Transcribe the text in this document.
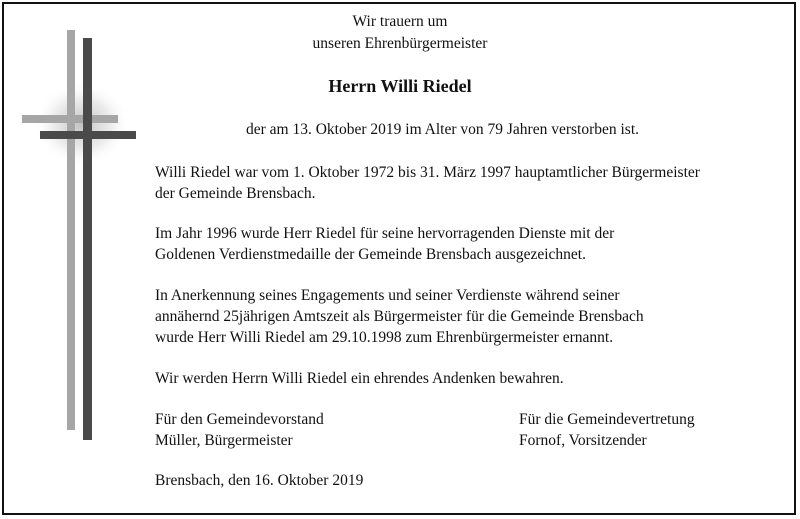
Wir trauern um
unseren Ehrenbürgermeister
Herrn Willi Riedel
der am 13. Oktober 2019 im Alter von 79 Jahren verstorben ist.
Willi Riedel war vom 1. Oktober 1972 bis 31. März 1997 hauptamtlicher Bürgermeister
der Gemeinde Brensbach.
Im Jahr 1996 wurde Herr Riedel für seine hervorragenden Dienste mit der
Goldenen Verdienstmedaille der Gemeinde Brensbach ausgezeichnet.
In Anerkennung seines Engagements und seiner Verdienste während seiner
annähernd 25jährigen Amtszeit als Bürgermeister für die Gemeinde Brensbach
wurde Herr Willi Riedel am 29.10.1998 zum Ehrenbürgermeister ernannt.
Wir werden Herrn Willi Riedel ein ehrendes Andenken bewahren.
Für den Gemeindevorstand
Müller, Bürgermeister
Für die Gemeindevertretung
Fornof, Vorsitzender
Brensbach, den 16. Oktober 2019
